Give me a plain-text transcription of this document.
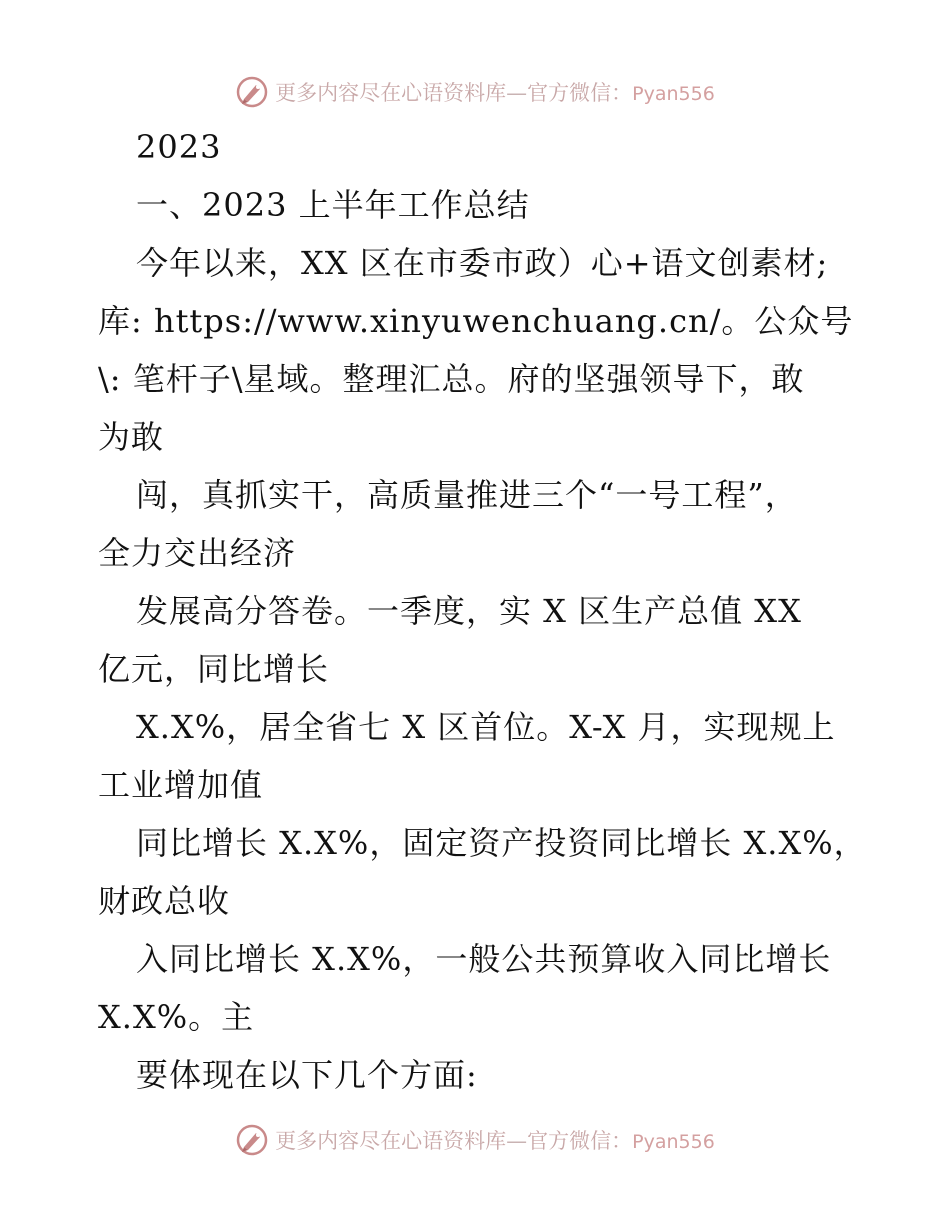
更多内容尽在心语资料库—官方微信：Pyan556
2023
一、2023 上半年工作总结
今年以来，XX 区在市委市政）心+语文创素材;
库: https://www.xinyuwenchuang.cn/。公众号
\: 笔杆子\星域。整理汇总。府的坚强领导下，敢
为敢
闯，真抓实干，高质量推进三个“一号工程”，
全力交出经济
发展高分答卷。一季度，实 X 区生产总值 XX
亿元，同比增长
X.X%，居全省七 X 区首位。X-X 月，实现规上
工业增加值
同比增长 X.X%，固定资产投资同比增长 X.X%，
财政总收
入同比增长 X.X%，一般公共预算收入同比增长
X.X%。主
要体现在以下几个方面:
更多内容尽在心语资料库—官方微信：Pyan556
